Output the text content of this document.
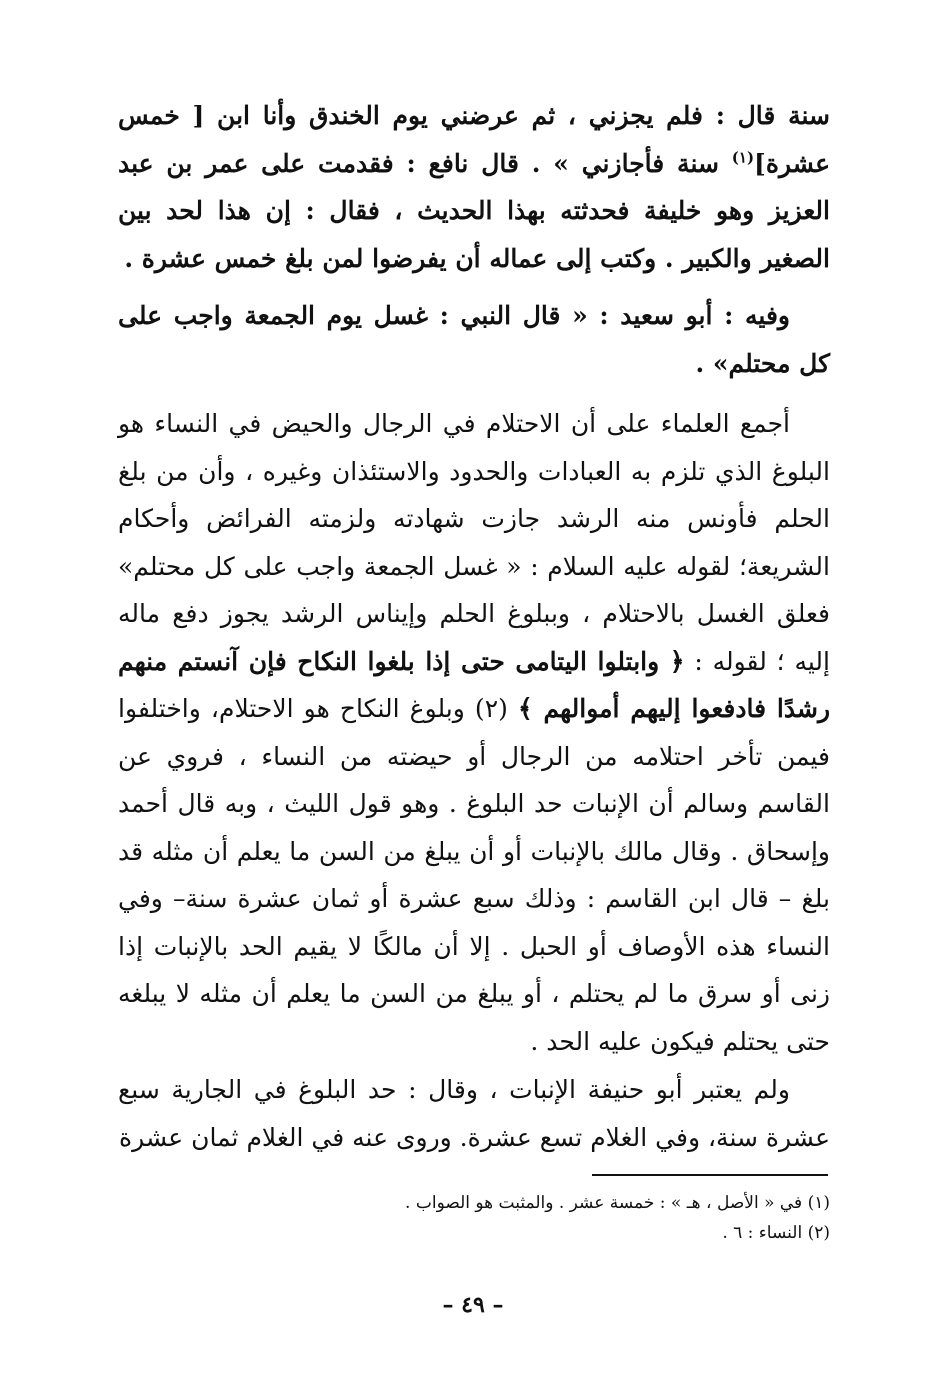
سنة قال : فلم يجزني ، ثم عرضني يوم الخندق وأنا ابن [ خمس عشرة]$^{(١)}$ سنة فأجازني » . قال نافع : فقدمت على عمر بن عبد العزيز وهو خليفة فحدثته بهذا الحديث ، فقال : إن هذا لحد بين الصغير والكبير . وكتب إلى عماله أن يفرضوا لمن بلغ خمس عشرة .

وفيه : أبو سعيد : « قال النبي : غسل يوم الجمعة واجب على كل محتلم» .

أجمع العلماء على أن الاحتلام في الرجال والحيض في النساء هو البلوغ الذي تلزم به العبادات والحدود والاستئذان وغيره ، وأن من بلغ الحلم فأونس منه الرشد جازت شهادته ولزمته الفرائض وأحكام الشريعة؛ لقوله عليه السلام : « غسل الجمعة واجب على كل محتلم» فعلق الغسل بالاحتلام ، وببلوغ الحلم وإيناس الرشد يجوز دفع ماله إليه ؛ لقوله : ﴿ وابتلوا اليتامى حتى إذا بلغوا النكاح فإن آنستم منهم رشدًا فادفعوا إليهم أموالهم ﴾ (٢) وبلوغ النكاح هو الاحتلام، واختلفوا فيمن تأخر احتلامه من الرجال أو حيضته من النساء ، فروي عن القاسم وسالم أن الإنبات حد البلوغ . وهو قول الليث ، وبه قال أحمد وإسحاق . وقال مالك بالإنبات أو أن يبلغ من السن ما يعلم أن مثله قد بلغ – قال ابن القاسم : وذلك سبع عشرة أو ثمان عشرة سنة– وفي النساء هذه الأوصاف أو الحبل . إلا أن مالكًا لا يقيم الحد بالإنبات إذا زنى أو سرق ما لم يحتلم ، أو يبلغ من السن ما يعلم أن مثله لا يبلغه حتى يحتلم فيكون عليه الحد .

ولم يعتبر أبو حنيفة الإنبات ، وقال : حد البلوغ في الجارية سبع عشرة سنة، وفي الغلام تسع عشرة. وروى عنه في الغلام ثمان عشرة

(١) في « الأصل ، هـ » : خمسة عشر . والمثبت هو الصواب .

(٢) النساء : ٦ .

– ٤٩ –
